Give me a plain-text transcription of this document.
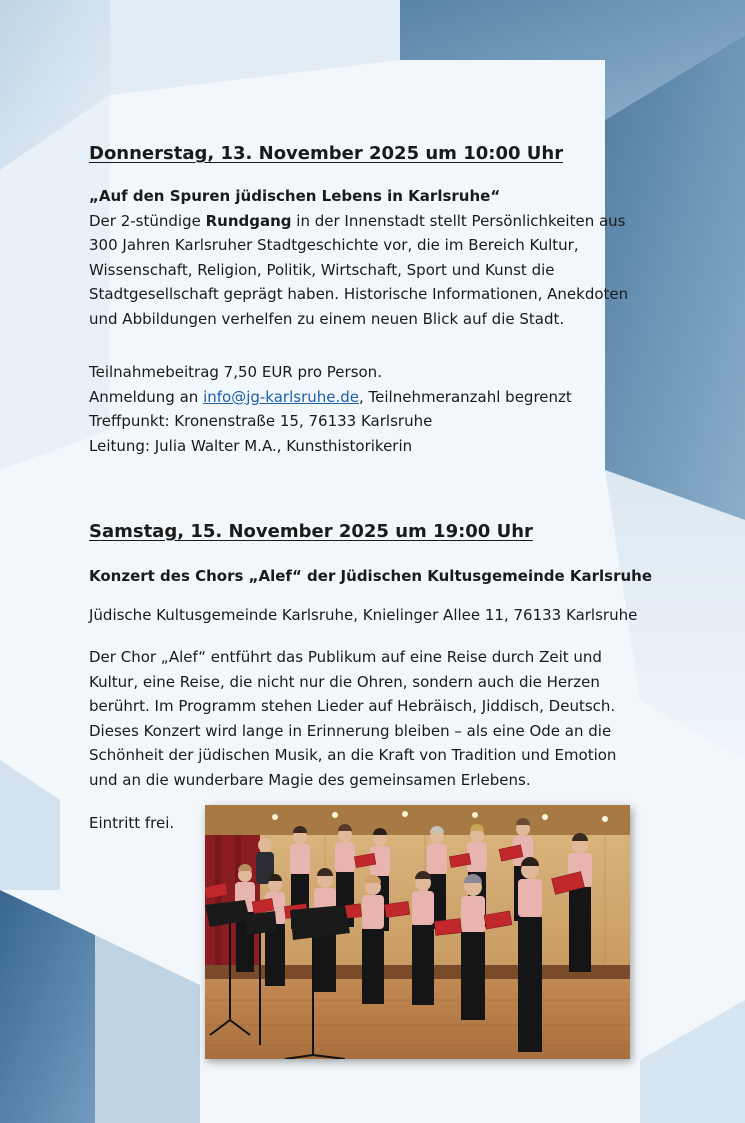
Donnerstag, 13. November 2025 um 10:00 Uhr
„Auf den Spuren jüdischen Lebens in Karlsruhe“
Der 2-stündige Rundgang in der Innenstadt stellt Persönlichkeiten aus
300 Jahren Karlsruher Stadtgeschichte vor, die im Bereich Kultur,
Wissenschaft, Religion, Politik, Wirtschaft, Sport und Kunst die
Stadtgesellschaft geprägt haben. Historische Informationen, Anekdoten
und Abbildungen verhelfen zu einem neuen Blick auf die Stadt.
Teilnahmebeitrag 7,50 EUR pro Person.
Anmeldung an info@jg-karlsruhe.de, Teilnehmeranzahl begrenzt
Treffpunkt: Kronenstraße 15, 76133 Karlsruhe
Leitung: Julia Walter M.A., Kunsthistorikerin
Samstag, 15. November 2025 um 19:00 Uhr
Konzert des Chors „Alef“ der Jüdischen Kultusgemeinde Karlsruhe
Jüdische Kultusgemeinde Karlsruhe, Knielinger Allee 11, 76133 Karlsruhe
Der Chor „Alef“ entführt das Publikum auf eine Reise durch Zeit und
Kultur, eine Reise, die nicht nur die Ohren, sondern auch die Herzen
berührt. Im Programm stehen Lieder auf Hebräisch, Jiddisch, Deutsch.
Dieses Konzert wird lange in Erinnerung bleiben – als eine Ode an die
Schönheit der jüdischen Musik, an die Kraft von Tradition und Emotion
und an die wunderbare Magie des gemeinsamen Erlebens.
Eintritt frei.
